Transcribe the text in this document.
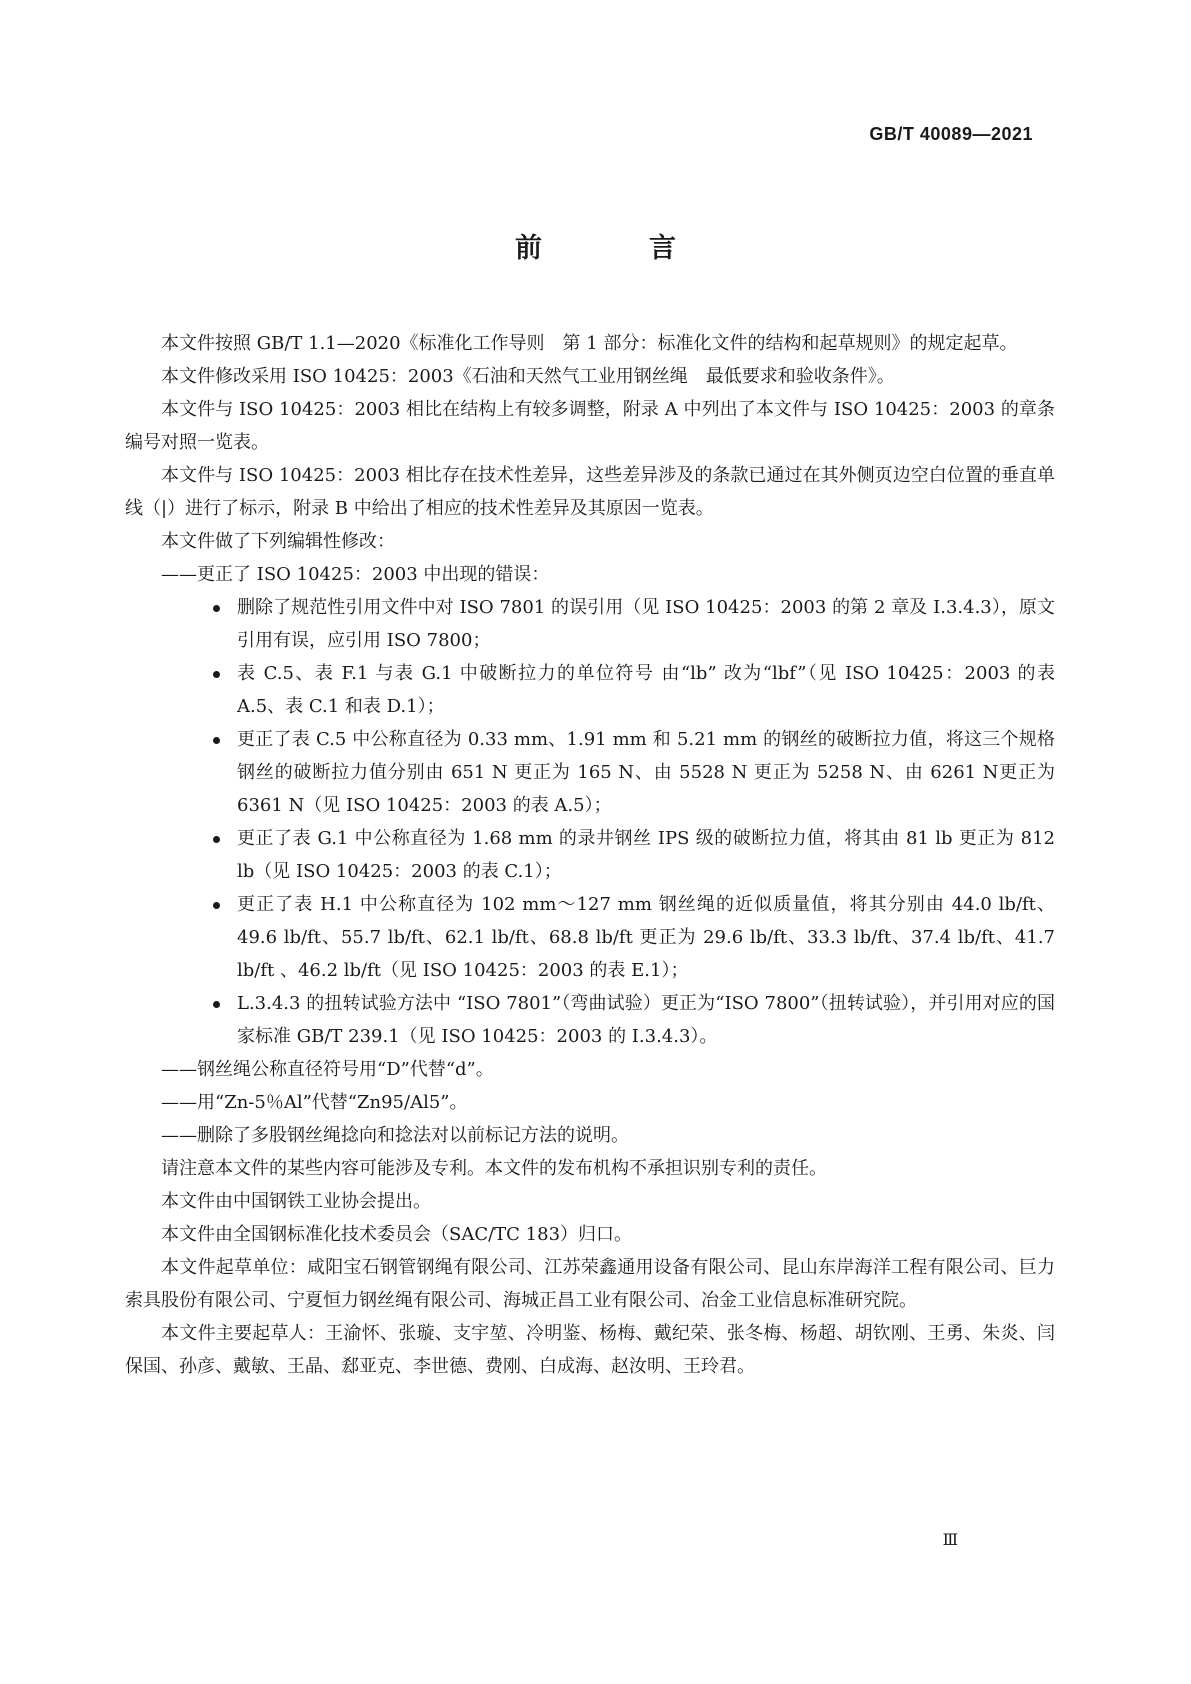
GB/T 40089—2021
前　言

本文件按照 GB/T 1.1—2020《标准化工作导则　第 1 部分：标准化文件的结构和起草规则》的规定起草。

本文件修改采用 ISO 10425：2003《石油和天然气工业用钢丝绳　最低要求和验收条件》。

本文件与 ISO 10425：2003 相比在结构上有较多调整，附录 A 中列出了本文件与 ISO 10425：2003 的章条编号对照一览表。

本文件与 ISO 10425：2003 相比存在技术性差异，这些差异涉及的条款已通过在其外侧页边空白位置的垂直单线（|）进行了标示，附录 B 中给出了相应的技术性差异及其原因一览表。

本文件做了下列编辑性修改：

——更正了 ISO 10425：2003 中出现的错误：

删除了规范性引用文件中对 ISO 7801 的误引用（见 ISO 10425：2003 的第 2 章及 I.3.4.3），原文引用有误，应引用 ISO 7800；
表 C.5、表 F.1 与表 G.1 中破断拉力的单位符号 由“lb” 改为“lbf”（见 ISO 10425：2003 的表 A.5、表 C.1 和表 D.1）；
更正了表 C.5 中公称直径为 0.33 mm、1.91 mm 和 5.21 mm 的钢丝的破断拉力值，将这三个规格钢丝的破断拉力值分别由 651 N 更正为 165 N、由 5528 N 更正为 5258 N、由 6261 N更正为 6361 N（见 ISO 10425：2003 的表 A.5）；
更正了表 G.1 中公称直径为 1.68 mm 的录井钢丝 IPS 级的破断拉力值，将其由 81 lb 更正为 812 lb（见 ISO 10425：2003 的表 C.1）；
更正了表 H.1 中公称直径为 102 mm～127 mm 钢丝绳的近似质量值，将其分别由 44.0 lb/ft、49.6 lb/ft、55.7 lb/ft、62.1 lb/ft、68.8 lb/ft 更正为 29.6 lb/ft、33.3 lb/ft、37.4 lb/ft、41.7 lb/ft 、46.2 lb/ft（见 ISO 10425：2003 的表 E.1）；
L.3.4.3 的扭转试验方法中 “ISO 7801”（弯曲试验）更正为“ISO 7800”（扭转试验），并引用对应的国家标准 GB/T 239.1（见 ISO 10425：2003 的 I.3.4.3）。

——钢丝绳公称直径符号用“D”代替“d”。

——用“Zn-5％Al”代替“Zn95/Al5”。

——删除了多股钢丝绳捻向和捻法对以前标记方法的说明。

请注意本文件的某些内容可能涉及专利。本文件的发布机构不承担识别专利的责任。

本文件由中国钢铁工业协会提出。

本文件由全国钢标准化技术委员会（SAC/TC 183）归口。

本文件起草单位：咸阳宝石钢管钢绳有限公司、江苏荣鑫通用设备有限公司、昆山东岸海洋工程有限公司、巨力索具股份有限公司、宁夏恒力钢丝绳有限公司、海城正昌工业有限公司、冶金工业信息标准研究院。

本文件主要起草人：王渝怀、张璇、支宇堃、冷明鉴、杨梅、戴纪荣、张冬梅、杨超、胡钦刚、王勇、朱炎、闫保国、孙彦、戴敏、王晶、郄亚克、李世德、费刚、白成海、赵汝明、王玲君。

Ⅲ
